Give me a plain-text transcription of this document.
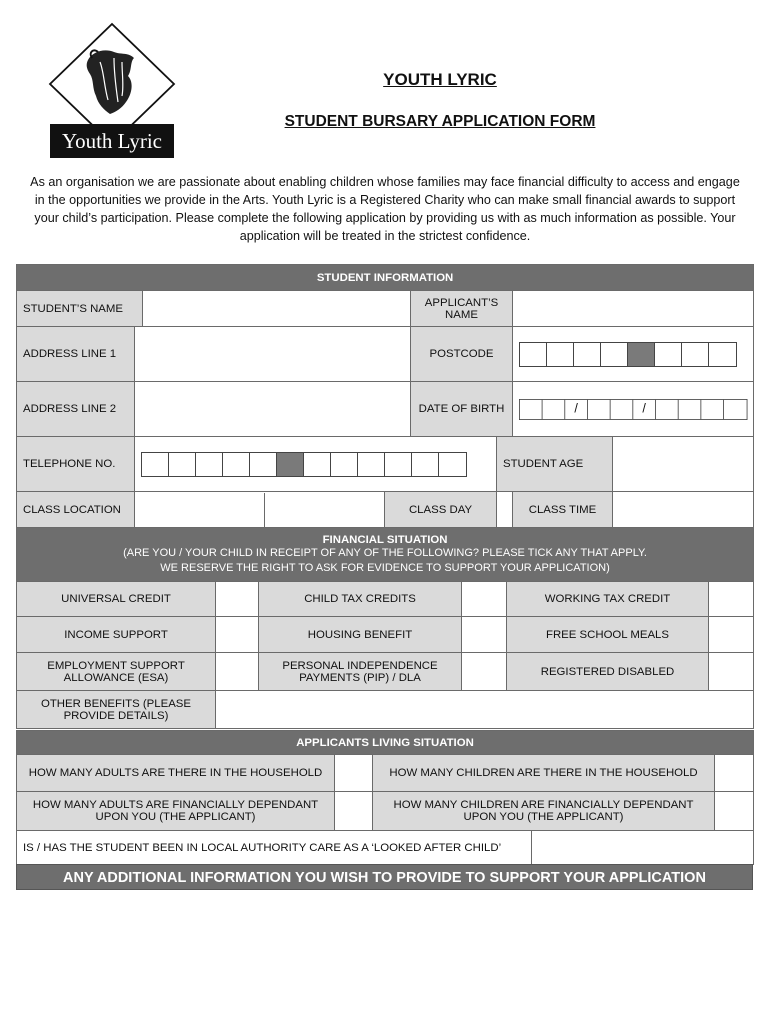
Youth Lyric
YOUTH LYRIC
STUDENT BURSARY APPLICATION FORM
As an organisation we are passionate about enabling children whose families may face financial difficulty to access and engage in the opportunities we provide in the Arts. Youth Lyric is a Registered Charity who can make small financial awards to support your child’s participation. Please complete the following application by providing us with as much information as possible. Your application will be treated in the strictest confidence.
STUDENT INFORMATION							
STUDENT’S NAME				APPLICANT’S NAME			
ADDRESS LINE 1				POSTCODE			

ADDRESS LINE 2				DATE OF BIRTH		/ /	

TELEPHONE NO.					STUDENT AGE		
CLASS LOCATION			CLASS DAY			CLASS TIME	
FINANCIAL SITUATION
(ARE YOU / YOUR CHILD IN RECEIPT OF ANY OF THE FOLLOWING? PLEASE TICK ANY THAT APPLY.
WE RESERVE THE RIGHT TO ASK FOR EVIDENCE TO SUPPORT YOUR APPLICATION)					

UNIVERSAL CREDIT		CHILD TAX CREDITS		WORKING TAX CREDIT	
INCOME SUPPORT		HOUSING BENEFIT		FREE SCHOOL MEALS	
EMPLOYMENT SUPPORT ALLOWANCE (ESA)		PERSONAL INDEPENDENCE PAYMENTS (PIP) / DLA		REGISTERED DISABLED	
OTHER BENEFITS (PLEASE PROVIDE DETAILS)					
APPLICANTS LIVING SITUATION			
HOW MANY ADULTS ARE THERE IN THE HOUSEHOLD		HOW MANY CHILDREN ARE THERE IN THE HOUSEHOLD	
HOW MANY ADULTS ARE FINANCIALLY DEPENDANT UPON YOU (THE APPLICANT)		HOW MANY CHILDREN ARE FINANCIALLY DEPENDANT UPON YOU (THE APPLICANT)	
IS / HAS THE STUDENT BEEN IN LOCAL AUTHORITY CARE AS A ‘LOOKED AFTER CHILD’	
ANY ADDITIONAL INFORMATION YOU WISH TO PROVIDE TO SUPPORT YOUR APPLICATION
